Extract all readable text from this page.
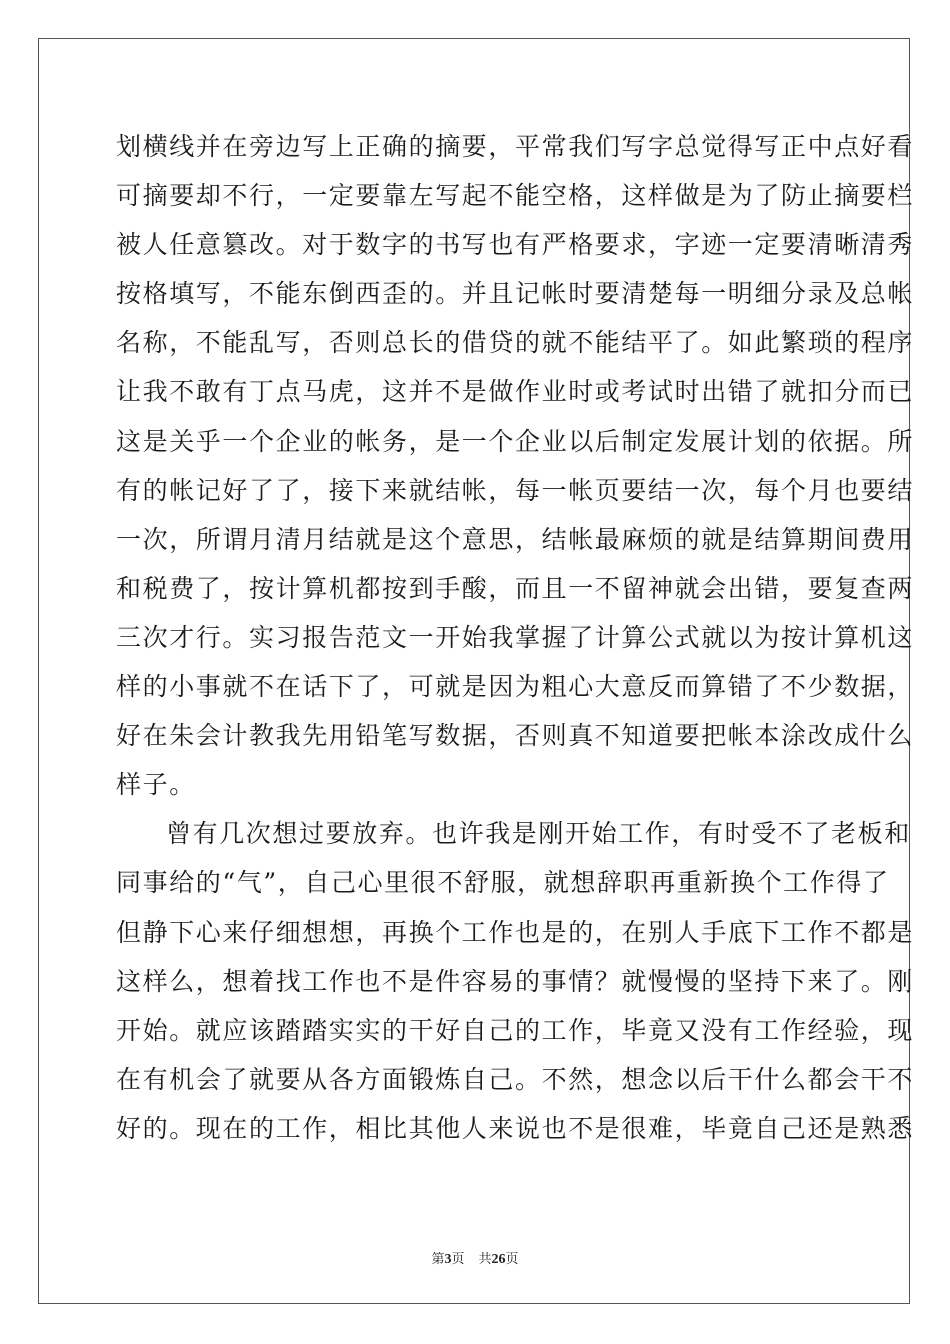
划横线并在旁边写上正确的摘要，平常我们写字总觉得写正中点好看
可摘要却不行，一定要靠左写起不能空格，这样做是为了防止摘要栏
被人任意篡改。对于数字的书写也有严格要求，字迹一定要清晰清秀
按格填写，不能东倒西歪的。并且记帐时要清楚每一明细分录及总帐
名称，不能乱写，否则总长的借贷的就不能结平了。如此繁琐的程序
让我不敢有丁点马虎，这并不是做作业时或考试时出错了就扣分而已
这是关乎一个企业的帐务，是一个企业以后制定发展计划的依据。所
有的帐记好了了，接下来就结帐，每一帐页要结一次，每个月也要结
一次，所谓月清月结就是这个意思，结帐最麻烦的就是结算期间费用
和税费了，按计算机都按到手酸，而且一不留神就会出错，要复查两
三次才行。实习报告范文一开始我掌握了计算公式就以为按计算机这
样的小事就不在话下了，可就是因为粗心大意反而算错了不少数据，
好在朱会计教我先用铅笔写数据，否则真不知道要把帐本涂改成什么
样子。
曾有几次想过要放弃。也许我是刚开始工作，有时受不了老板和
同事给的“气”，自己心里很不舒服，就想辞职再重新换个工作得了
但静下心来仔细想想，再换个工作也是的，在别人手底下工作不都是
这样么，想着找工作也不是件容易的事情？就慢慢的坚持下来了。刚
开始。就应该踏踏实实的干好自己的工作，毕竟又没有工作经验，现
在有机会了就要从各方面锻炼自己。不然，想念以后干什么都会干不
好的。现在的工作，相比其他人来说也不是很难，毕竟自己还是熟悉
第3页 共26页
